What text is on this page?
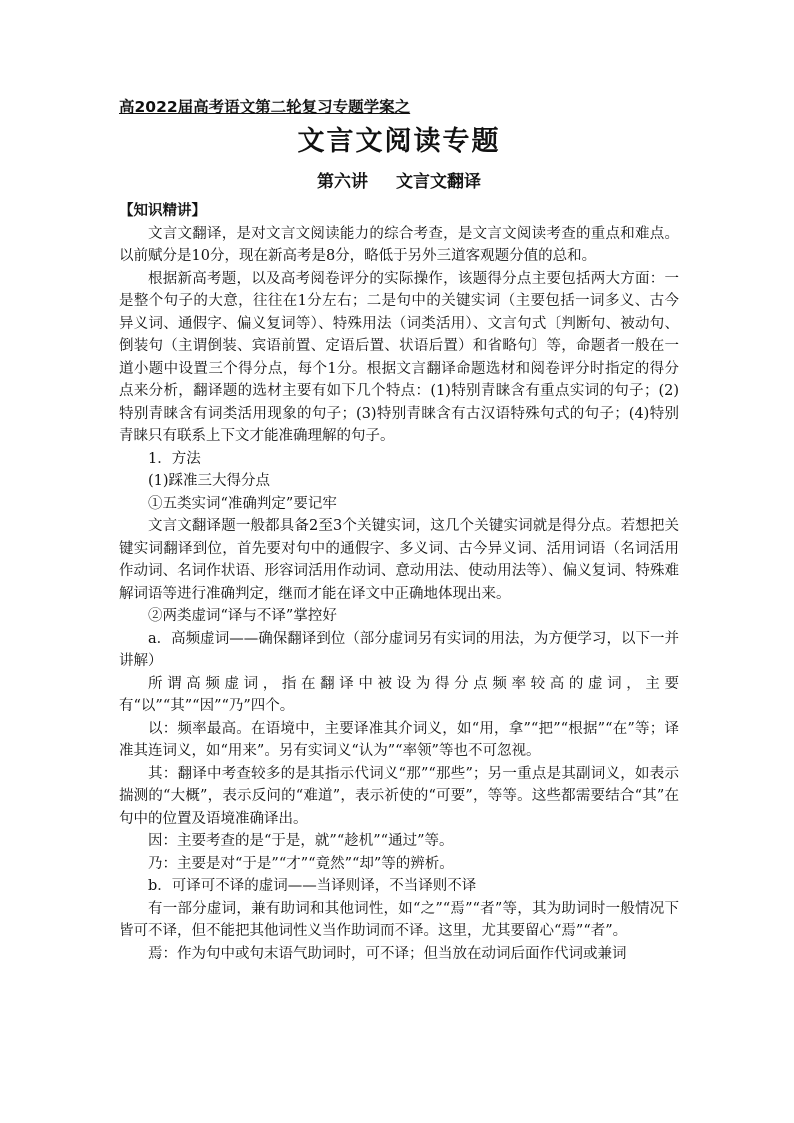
高2022届高考语文第二轮复习专题学案之
文言文阅读专题
第六讲 文言文翻译

【知识精讲】

文言文翻译，是对文言文阅读能力的综合考查，是文言文阅读考查的重点和难点。以前赋分是10分，现在新高考是8分，略低于另外三道客观题分值的总和。

根据新高考题，以及高考阅卷评分的实际操作，该题得分点主要包括两大方面：一是整个句子的大意，往往在1分左右；二是句中的关键实词（主要包括一词多义、古今异义词、通假字、偏义复词等）、特殊用法（词类活用）、文言句式〔判断句、被动句、倒装句（主谓倒装、宾语前置、定语后置、状语后置）和省略句〕等，命题者一般在一道小题中设置三个得分点，每个1分。根据文言翻译命题选材和阅卷评分时指定的得分点来分析，翻译题的选材主要有如下几个特点：(1)特别青睐含有重点实词的句子；(2)特别青睐含有词类活用现象的句子；(3)特别青睐含有古汉语特殊句式的句子；(4)特别青睐只有联系上下文才能准确理解的句子。

1．方法

(1)踩准三大得分点

①五类实词“准确判定”要记牢

文言文翻译题一般都具备2至3个关键实词，这几个关键实词就是得分点。若想把关键实词翻译到位，首先要对句中的通假字、多义词、古今异义词、活用词语（名词活用作动词、名词作状语、形容词活用作动词、意动用法、使动用法等）、偏义复词、特殊难解词语等进行准确判定，继而才能在译文中正确地体现出来。

②两类虚词“译与不译”掌控好

a．高频虚词——确保翻译到位（部分虚词另有实词的用法，为方便学习，以下一并讲解）

所谓高频虚词，指在翻译中被设为得分点频率较高的虚词，主要有“以”“其”“因”“乃”四个。

以：频率最高。在语境中，主要译准其介词义，如“用，拿”“把”“根据”“在”等；译准其连词义，如“用来”。另有实词义“认为”“率领”等也不可忽视。

其：翻译中考查较多的是其指示代词义“那”“那些”；另一重点是其副词义，如表示揣测的“大概”，表示反问的“难道”，表示祈使的“可要”，等等。这些都需要结合“其”在句中的位置及语境准确译出。

因：主要考查的是“于是，就”“趁机”“通过”等。

乃：主要是对“于是”“才”“竟然”“却”等的辨析。

b．可译可不译的虚词——当译则译，不当译则不译

有一部分虚词，兼有助词和其他词性，如“之”“焉”“者”等，其为助词时一般情况下皆可不译，但不能把其他词性义当作助词而不译。这里，尤其要留心“焉”“者”。

焉：作为句中或句末语气助词时，可不译；但当放在动词后面作代词或兼词
